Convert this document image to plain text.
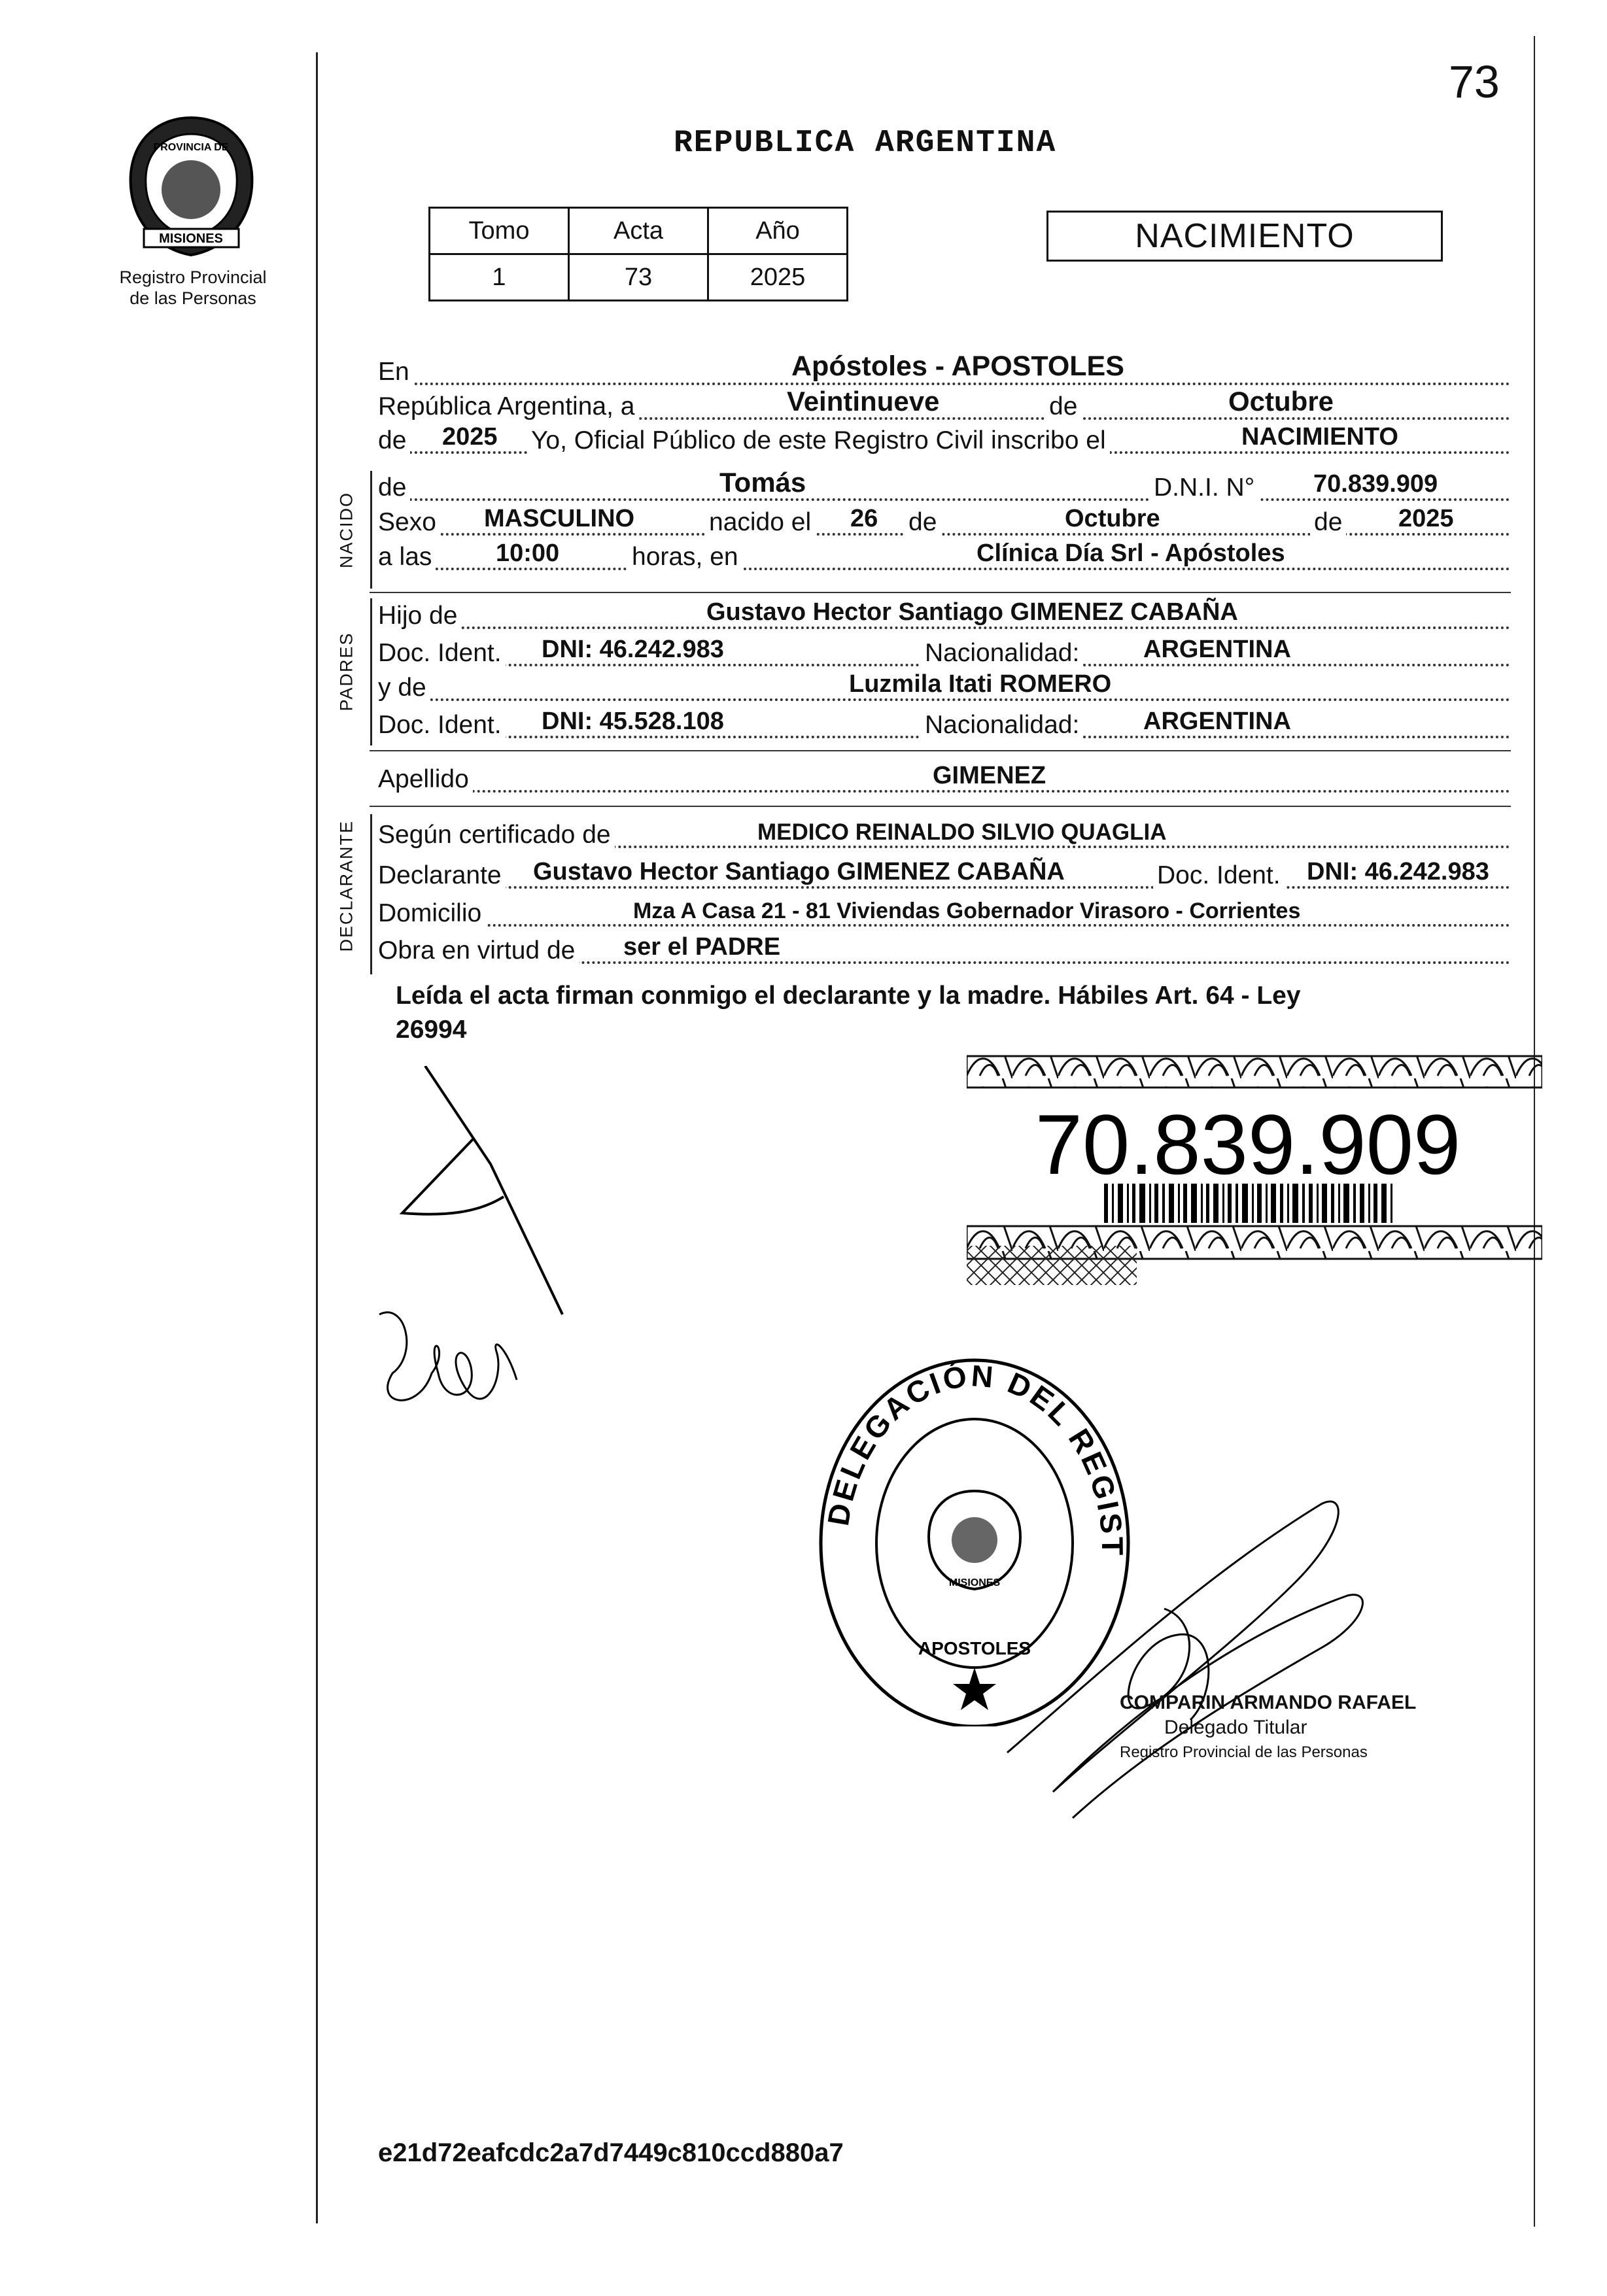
PROVINCIA DE
MISIONES
Registro Provincial
de las Personas
REPUBLICA ARGENTINA
73
Tomo	Acta	Año
1	73	2025
NACIMIENTO
En	Apóstoles - APOSTOLES
República Argentina, a	Veintinueve	de	Octubre
de 2025 Yo, Oficial Público de este Registro Civil inscribo el	NACIMIENTO
NACIDO
de	Tomás	D.N.I. N° 70.839.909
Sexo MASCULINO	nacido el 26 de	Octubre	de 2025
a las	10:00	horas, en	Clínica Día Srl - Apóstoles
PADRES
Hijo de	Gustavo Hector Santiago GIMENEZ CABAÑA
Doc. Ident. DNI: 46.242.983	Nacionalidad:	ARGENTINA
y de	Luzmila Itati ROMERO
Doc. Ident. DNI: 45.528.108	Nacionalidad:	ARGENTINA
Apellido	GIMENEZ
DECLARANTE Según certificado de	MEDICO REINALDO SILVIO QUAGLIA
Declarante Gustavo Hector Santiago GIMENEZ CABAÑA	Doc. Ident. DNI: 46.242.983
Domicilio	Mza A Casa 21 - 81 Viviendas Gobernador Virasoro - Corrientes
Obra en virtud de ser el PADRE
Leída el acta firman conmigo el declarante y la madre. Hábiles Art. 64 - Ley
26994
70.839.909
DELEGACIÓN DEL REGIST
APOSTOLES
MISIONES
COMPARIN ARMANDO RAFAEL
Delegado Titular
Registro Provincial de las Personas
e21d72eafcdc2a7d7449c810ccd880a7
